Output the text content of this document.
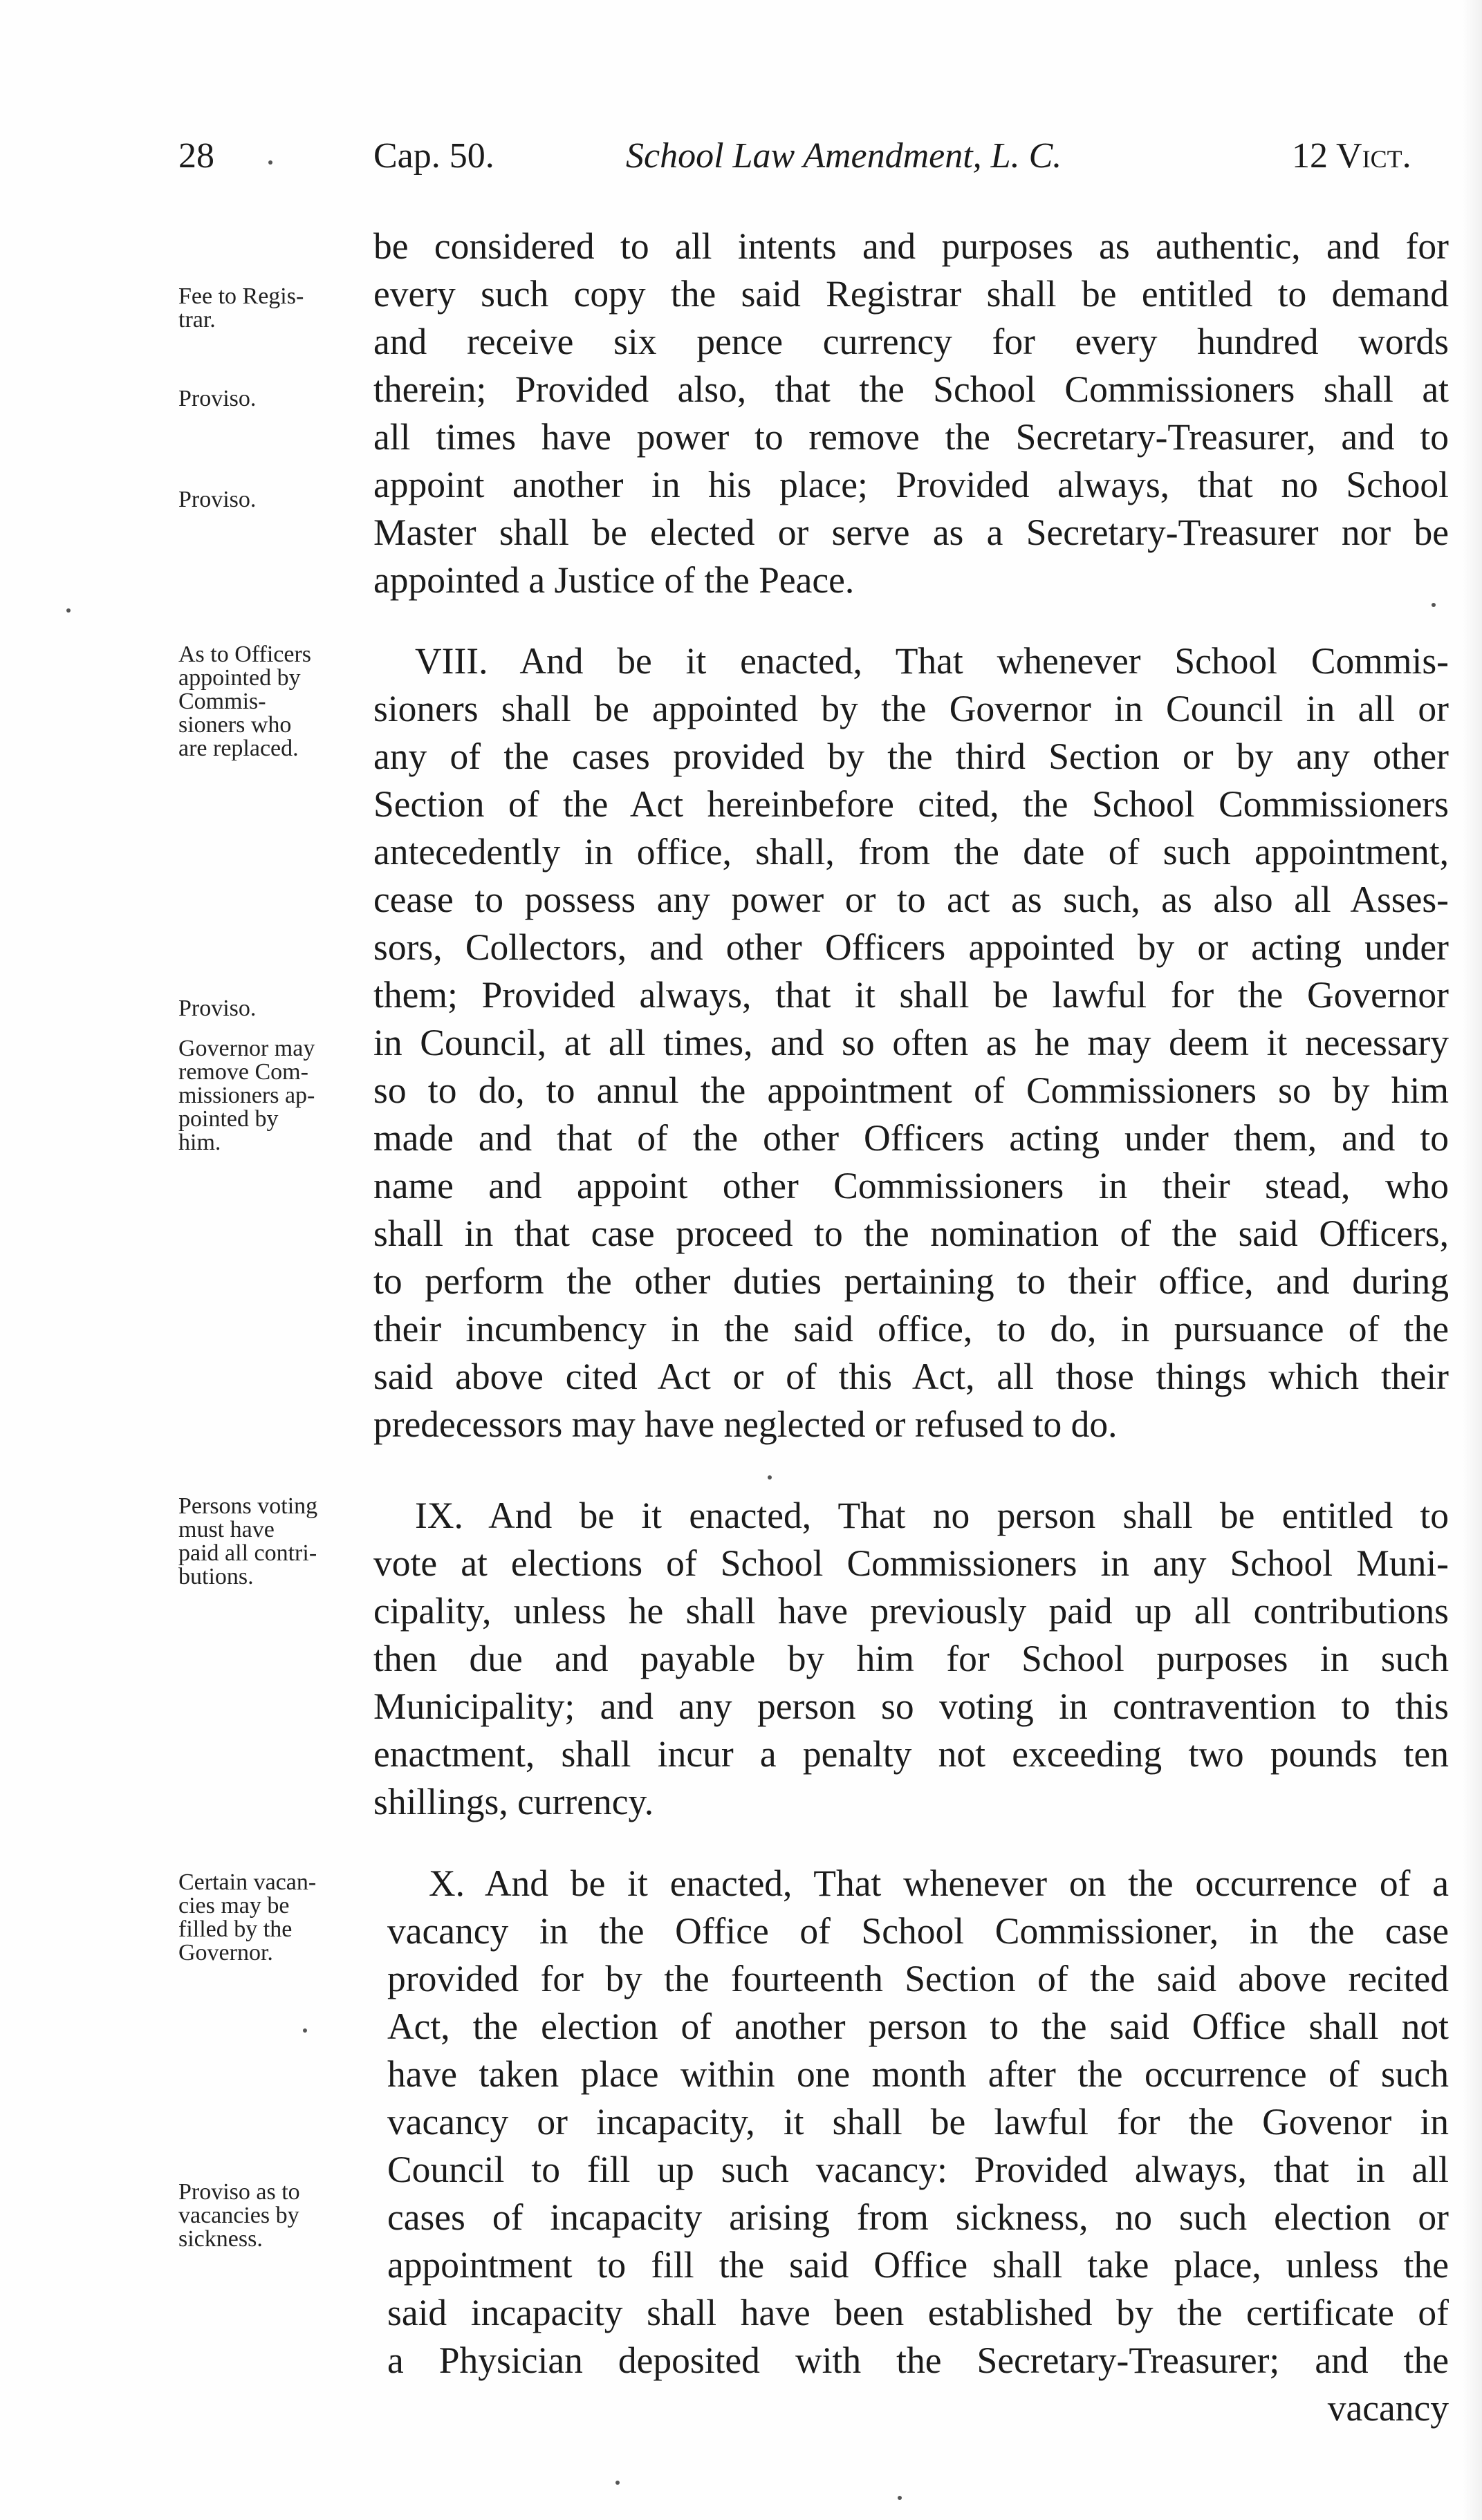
28	Cap. 50.	School Law Amendment, L. C.	12 Vict.
be considered to all intents and purposes as authentic, and for
every such copy the said Registrar shall be entitled to demand
and receive six pence currency for every hundred words
therein; Provided also, that the School Commissioners shall at
all times have power to remove the Secretary-Treasurer, and to
appoint another in his place; Provided always, that no School
Master shall be elected or serve as a Secretary-Treasurer nor be
appointed a Justice of the Peace.
VIII. And be it enacted, That whenever School Commis-
sioners shall be appointed by the Governor in Council in all or
any of the cases provided by the third Section or by any other
Section of the Act hereinbefore cited, the School Commissioners
antecedently in office, shall, from the date of such appointment,
cease to possess any power or to act as such, as also all Asses-
sors, Collectors, and other Officers appointed by or acting under
them; Provided always, that it shall be lawful for the Governor
in Council, at all times, and so often as he may deem it necessary
so to do, to annul the appointment of Commissioners so by him
made and that of the other Officers acting under them, and to
name and appoint other Commissioners in their stead, who
shall in that case proceed to the nomination of the said Officers,
to perform the other duties pertaining to their office, and during
their incumbency in the said office, to do, in pursuance of the
said above cited Act or of this Act, all those things which their
predecessors may have neglected or refused to do.
IX. And be it enacted, That no person shall be entitled to
vote at elections of School Commissioners in any School Muni-
cipality, unless he shall have previously paid up all contributions
then due and payable by him for School purposes in such
Municipality; and any person so voting in contravention to this
enactment, shall incur a penalty not exceeding two pounds ten
shillings, currency.
X. And be it enacted, That whenever on the occurrence of a
vacancy in the Office of School Commissioner, in the case
provided for by the fourteenth Section of the said above recited
Act, the election of another person to the said Office shall not
have taken place within one month after the occurrence of such
vacancy or incapacity, it shall be lawful for the Govenor in
Council to fill up such vacancy: Provided always, that in all
cases of incapacity arising from sickness, no such election or
appointment to fill the said Office shall take place, unless the
said incapacity shall have been established by the certificate of
a Physician deposited with the Secretary-Treasurer; and the
vacancy
Fee to Regis-
trar.
Proviso.
Proviso.
As to Officers
appointed by
Commis-
sioners who
are replaced.
Proviso.
Governor may
remove Com-
missioners ap-
pointed by
him.
Persons voting
must have
paid all contri-
butions.
Certain vacan-
cies may be
filled by the
Governor.
Proviso as to
vacancies by
sickness.
